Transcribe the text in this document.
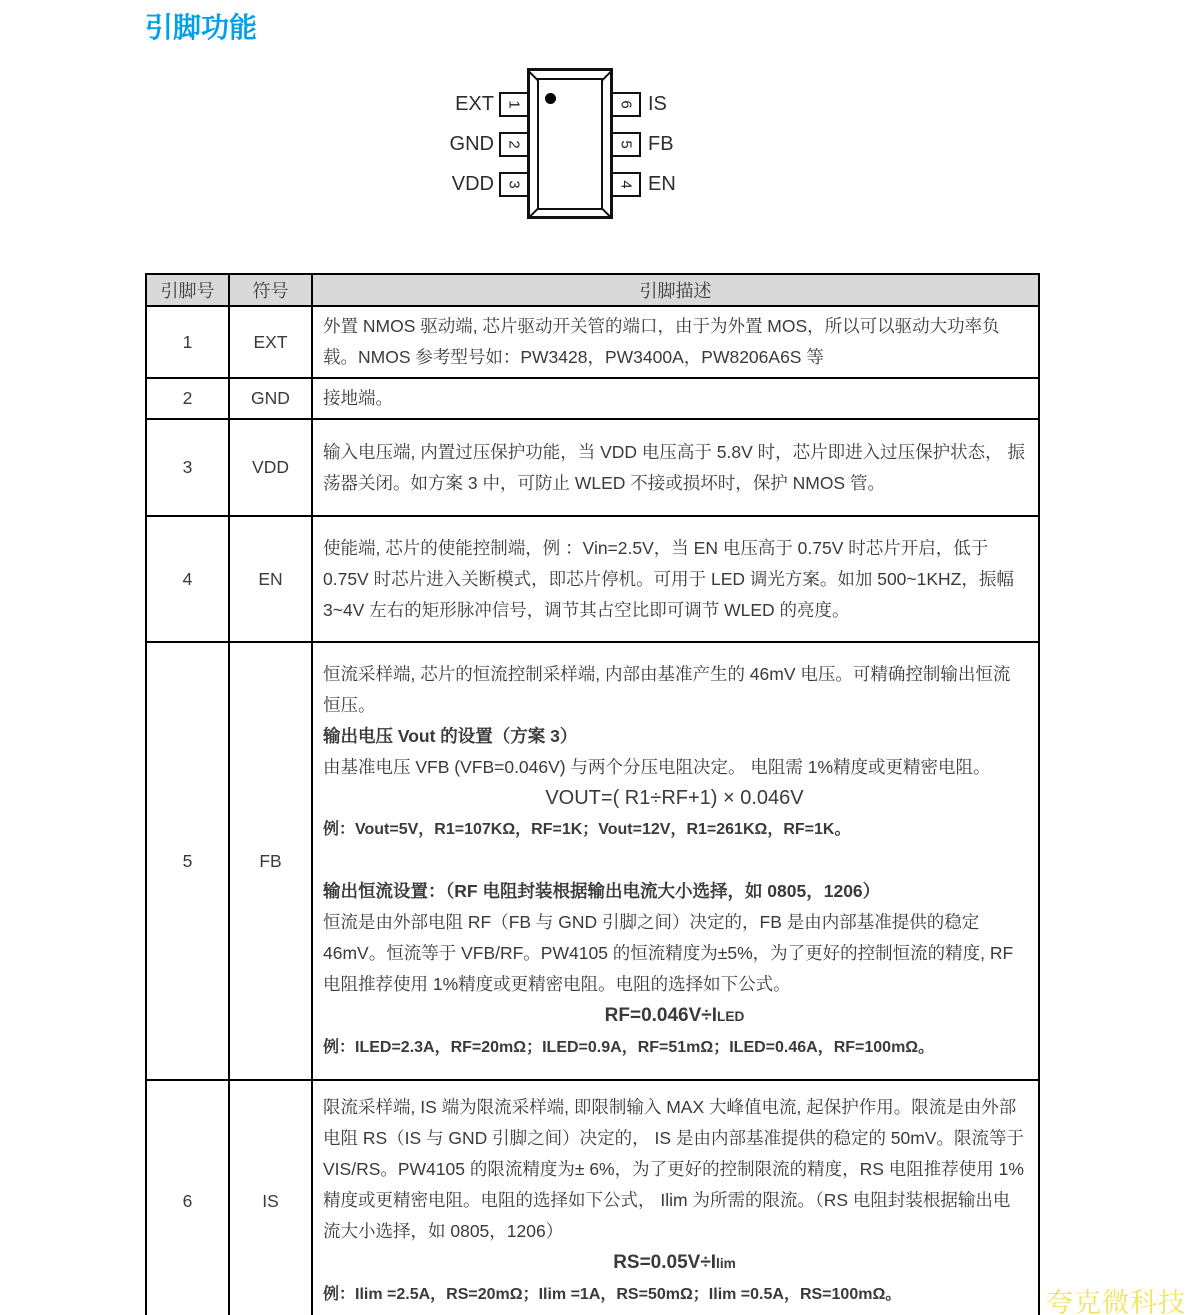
引脚功能
1
EXT
2
GND
3
VDD
6 IS
5 FB
4 EN
引脚号	符号	引脚描述
1	EXT	外置 NMOS 驱动端, 芯片驱动开关管的端口，由于为外置 MOS，所以可以驱动大功率负载。NMOS 参考型号如：PW3428，PW3400A，PW8206A6S 等

2	GND	接地端。

3	VDD	输入电压端, 内置过压保护功能，当 VDD 电压高于 5.8V 时，芯片即进入过压保护状态， 振荡器关闭。如方案 3 中，可防止 WLED 不接或损坏时，保护 NMOS 管。

4	EN	使能端, 芯片的使能控制端，例 ：Vin=2.5V，当 EN 电压高于 0.75V 时芯片开启，低于 0.75V 时芯片进入关断模式，即芯片停机。可用于 LED 调光方案。如加 500~1KHZ，振幅 3~4V 左右的矩形脉冲信号，调节其占空比即可调节 WLED 的亮度。

5	FB	
恒流采样端, 芯片的恒流控制采样端, 内部由基准产生的 46mV 电压。可精确控制输出恒流恒压。
输出电压 Vout 的设置（方案 3）
由基准电压 VFB (VFB=0.046V) 与两个分压电阻决定。 电阻需 1%精度或更精密电阻。
VOUT=( R1÷RF+1) × 0.046V
例：Vout=5V，R1=107KΩ，RF=1K；Vout=12V，R1=261KΩ，RF=1K。
输出恒流设置：（RF 电阻封装根据输出电流大小选择，如 0805，1206）
恒流是由外部电阻 RF（FB 与 GND 引脚之间）决定的，FB 是由内部基准提供的稳定 46mV。恒流等于 VFB/RF。PW4105 的恒流精度为±5%，为了更好的控制恒流的精度, RF 电阻推荐使用 1%精度或更精密电阻。电阻的选择如下公式。
RF=0.046V÷ILED
例：ILED=2.3A，RF=20mΩ；ILED=0.9A，RF=51mΩ；ILED=0.46A，RF=100mΩ。

6	IS	限流采样端, IS 端为限流采样端, 即限制输入 MAX 大峰值电流, 起保护作用。限流是由外部电阻 RS（IS 与 GND 引脚之间）决定的， IS 是由内部基准提供的稳定的 50mV。限流等于 VIS/RS。PW4105 的限流精度为± 6%，为了更好的控制限流的精度，RS 电阻推荐使用 1%精度或更精密电阻。电阻的选择如下公式， Ilim 为所需的限流。（RS 电阻封装根据输出电流大小选择，如 0805，1206）
RS=0.05V÷Ilim
例：Ilim =2.5A，RS=20mΩ；Ilim =1A，RS=50mΩ；Ilim =0.5A，RS=100mΩ。	夸克微科技
